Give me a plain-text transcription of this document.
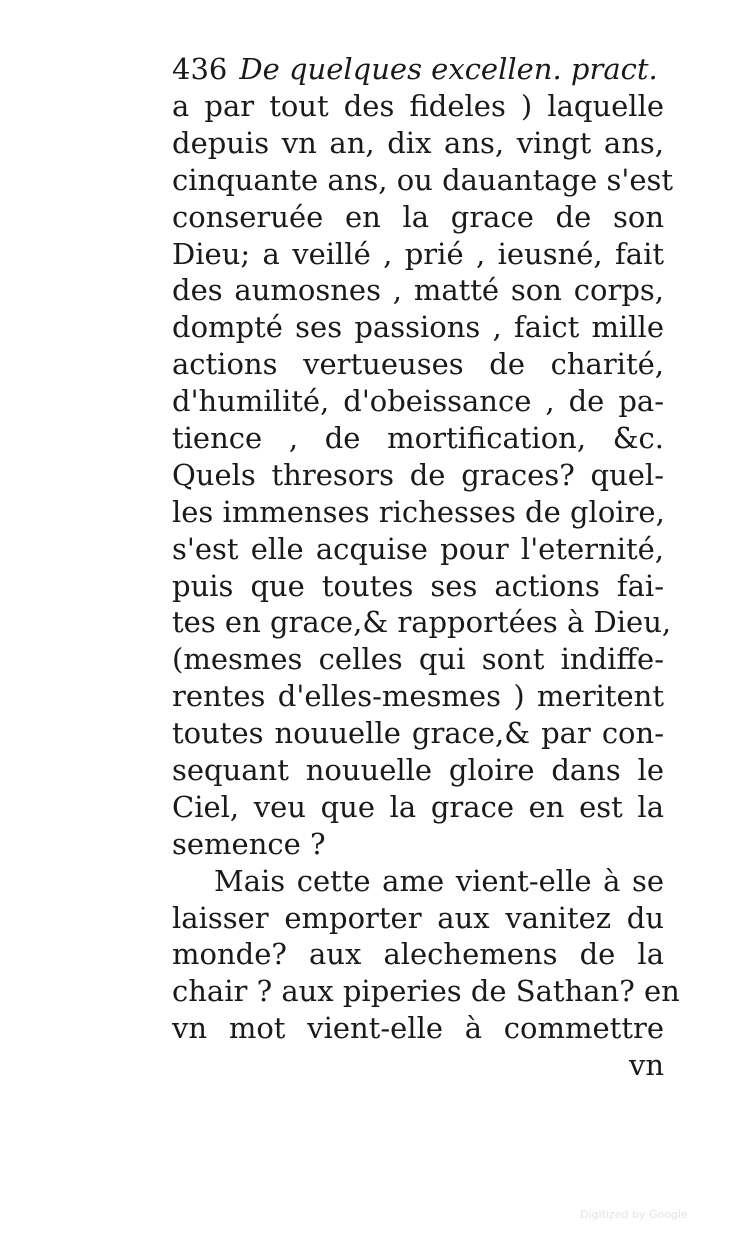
436 De quelques excellen. pract.
a par tout des fideles ) laquelle
depuis vn an, dix ans, vingt ans,
cinquante ans, ou dauantage s'est
conseruée en la grace de son
Dieu; a veillé , prié , ieusné, fait
des aumosnes , matté son corps,
dompté ses passions , faict mille
actions vertueuses de charité,
d'humilité, d'obeissance , de pa-
tience , de mortification, &c.
Quels thresors de graces? quel-
les immenses richesses de gloire,
s'est elle acquise pour l'eternité,
puis que toutes ses actions fai-
tes en grace,& rapportées à Dieu,
(mesmes celles qui sont indiffe-
rentes d'elles-mesmes ) meritent
toutes nouuelle grace,& par con-
sequant nouuelle gloire dans le
Ciel, veu que la grace en est la
semence ?
Mais cette ame vient-elle à se
laisser emporter aux vanitez du
monde? aux alechemens de la
chair ? aux piperies de Sathan? en
vn mot vient-elle à commettre
vn
Digitized by Google
